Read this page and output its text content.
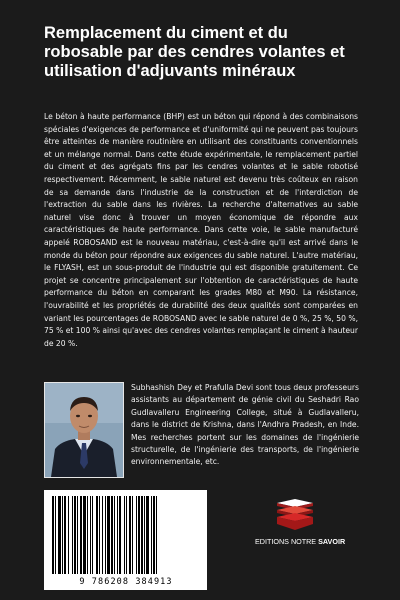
Remplacement du ciment et du robosable par des cendres volantes et utilisation d'adjuvants minéraux

Le béton à haute performance (BHP) est un béton qui répond à des combinaisons spéciales d'exigences de performance et d'uniformité qui ne peuvent pas toujours être atteintes de manière routinière en utilisant des constituants conventionnels et un mélange normal. Dans cette étude expérimentale, le remplacement partiel du ciment et des agrégats fins par les cendres volantes et le sable robotisé respectivement. Récemment, le sable naturel est devenu très coûteux en raison de sa demande dans l'industrie de la construction et de l'interdiction de l'extraction du sable dans les rivières. La recherche d'alternatives au sable naturel vise donc à trouver un moyen économique de répondre aux caractéristiques de haute performance. Dans cette voie, le sable manufacturé appelé ROBOSAND est le nouveau matériau, c'est-à-dire qu'il est arrivé dans le monde du béton pour répondre aux exigences du sable naturel. L'autre matériau, le FLYASH, est un sous-produit de l'industrie qui est disponible gratuitement. Ce projet se concentre principalement sur l'obtention de caractéristiques de haute performance du béton en comparant les grades M80 et M90. La résistance, l'ouvrabilité et les propriétés de durabilité des deux qualités sont comparées en variant les pourcentages de ROBOSAND avec le sable naturel de 0 %, 25 %, 50 %, 75 % et 100 % ainsi qu'avec des cendres volantes remplaçant le ciment à hauteur de 20 %.

Subhashish Dey et Prafulla Devi sont tous deux professeurs assistants au département de génie civil du Seshadri Rao Gudlavalleru Engineering College, situé à Gudlavalleru, dans le district de Krishna, dans l'Andhra Pradesh, en Inde. Mes recherches portent sur les domaines de l'ingénierie structurelle, de l'ingénierie des transports, de l'ingénierie environnementale, etc.

9 786208 384913
EDITIONS NOTRE SAVOIR
